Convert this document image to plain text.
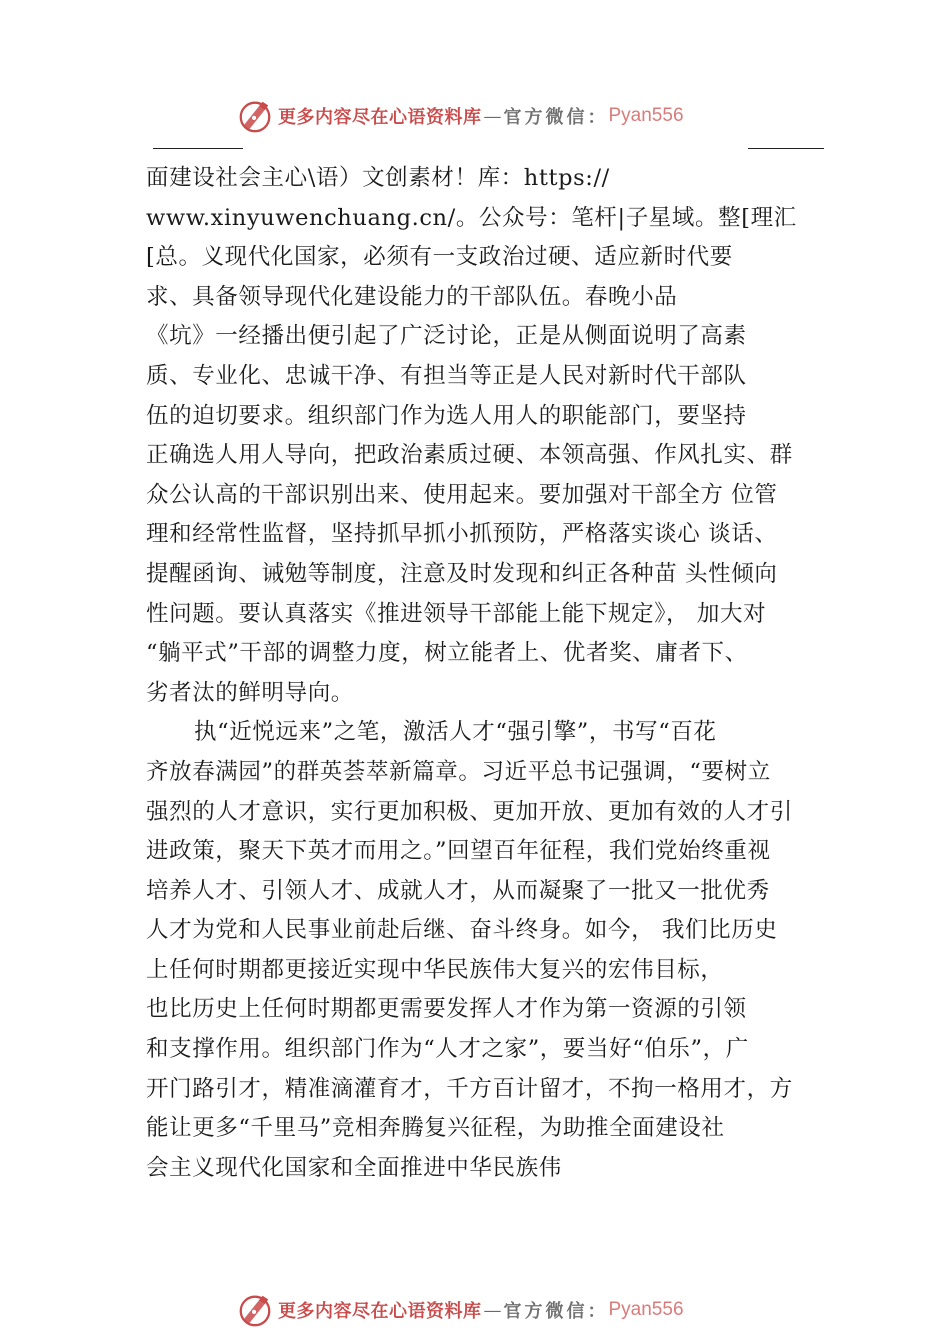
更多内容尽在心语资料库 — 官方微信： Pyan556
面建设社会主心\语）文创素材！库：https://
www.xinyuwenchuang.cn/。公众号：笔杆|子星域。整[理汇
[总。义现代化国家，必须有一支政治过硬、适应新时代要
求、具备领导现代化建设能力的干部队伍。春晚小品
《坑》一经播出便引起了广泛讨论，正是从侧面说明了高素
质、专业化、忠诚干净、有担当等正是人民对新时代干部队
伍的迫切要求。组织部门作为选人用人的职能部门，要坚持
正确选人用人导向，把政治素质过硬、本领高强、作风扎实、群
众公认高的干部识别出来、使用起来。要加强对干部全方 位管
理和经常性监督，坚持抓早抓小抓预防，严格落实谈心 谈话、
提醒函询、诫勉等制度，注意及时发现和纠正各种苗 头性倾向
性问题。要认真落实《推进领导干部能上能下规定》， 加大对
“躺平式”干部的调整力度，树立能者上、优者奖、庸者下、
劣者汰的鲜明导向。
执“近悦远来”之笔，激活人才“强引擎”，书写“百花
齐放春满园”的群英荟萃新篇章。习近平总书记强调，“要树立
强烈的人才意识，实行更加积极、更加开放、更加有效的人才引
进政策，聚天下英才而用之。”回望百年征程，我们党始终重视
培养人才、引领人才、成就人才，从而凝聚了一批又一批优秀
人才为党和人民事业前赴后继、奋斗终身。如今， 我们比历史
上任何时期都更接近实现中华民族伟大复兴的宏伟目标，
也比历史上任何时期都更需要发挥人才作为第一资源的引领
和支撑作用。组织部门作为“人才之家”，要当好“伯乐”，广
开门路引才，精准滴灌育才，千方百计留才，不拘一格用才，方
能让更多“千里马”竞相奔腾复兴征程，为助推全面建设社
会主义现代化国家和全面推进中华民族伟
更多内容尽在心语资料库 — 官方微信： Pyan556
